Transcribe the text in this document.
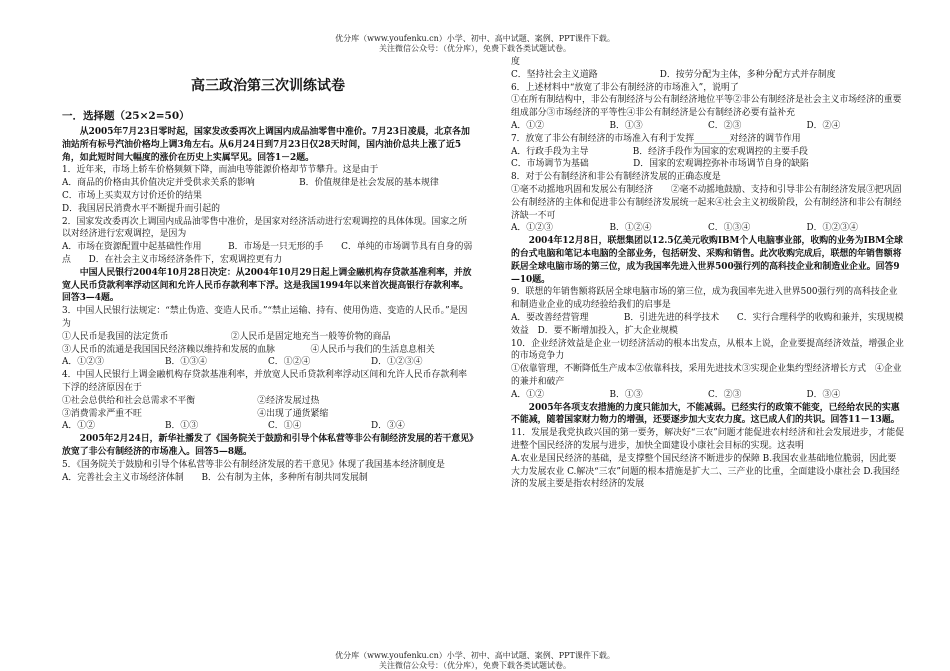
优分库（www.youfenku.cn）小学、初中、高中试题、案例、PPT课件下载。
关注微信公众号：（优分库），免费下载各类试题试卷。
高三政治第三次训练试卷
一．选择题（25×2=50）

从2005年7月23日零时起，国家发改委再次上调国内成品油零售中准价。7月23日凌晨，北京各加油站所有标号汽油价格均上调3角左右。从6月24日到7月23日仅28天时间，国内油价总共上涨了近5角，如此短时间大幅度的涨价在历史上实属罕见。回答1－2题。

1．近年来，市场上轿车价格频频下降，而油电等能源价格却节节攀升。这是由于

A．商品的价格由其价值决定并受供求关系的影响　　　　　B．价值规律是社会发展的基本规律　　　　C．市场上买卖双方讨价还价的结果

D．我国居民消费水平不断提升而引起的

2．国家发改委再次上调国内成品油零售中准价，是国家对经济活动进行宏观调控的具体体现。国家之所以对经济进行宏观调控，是因为

A．市场在资源配置中起基础性作用　　　B．市场是一只无形的手　　C．单纯的市场调节具有自身的弱点　　D．在社会主义市场经济条件下，宏观调控更有力

中国人民银行2004年10月28日决定：从2004年10月29日起上调金融机构存贷款基准利率，并放宽人民币贷款利率浮动区间和允许人民币存款利率下浮。这是我国1994年以来首次提高银行存款利率。回答3—4题。

3．中国人民银行法规定：“禁止伪造、变造人民币。”“禁止运输、持有、使用伪造、变造的人民币。”是因为

①人民币是我国的法定货币　　　　　　　②人民币是固定地充当一般等价物的商品

③人民币的流通是我国国民经济赖以维持和发展的血脉　　　　④人民币与我们的生活息息相关

A．①②③	B．①③④	C．①②④	D．①②③④

4．中国人民银行上调金融机构存贷款基准利率，并放宽人民币贷款利率浮动区间和允许人民币存款利率下浮的经济原因在于

①社会总供给和社会总需求不平衡　　　　　　　②经济发展过热

③消费需求严重不旺　　　　　　　　　　　　　④出现了通货紧缩

A．①②	B．①③	C．①④	D．③④

2005年2月24日，新华社播发了《国务院关于鼓励和引导个体私营等非公有制经济发展的若干意见》放宽了非公有制经济的市场准入。回答5—8题。

5．《国务院关于鼓励和引导个体私营等非公有制经济发展的若干意见》体现了我国基本经济制度是

A．完善社会主义市场经济体制　　B．公有制为主体，多种所有制共同发展制

度

C．坚持社会主义道路　　　　　　　D．按劳分配为主体，多种分配方式并存制度

6．上述材料中“放宽了非公有制经济的市场准入”，说明了

①在所有制结构中，非公有制经济与公有制经济地位平等②非公有制经济是社会主义市场经济的重要组成部分③市场经济的平等性④非公有制经济是公有制经济必要有益补充

A．①②	B．①③	C．②③	D．②④

7．放宽了非公有制经济的市场准入有利于发挥________对经济的调节作用

A．行政手段为主导　　　　　B．经济手段作为国家的宏观调控的主要手段

C．市场调节为基础　　　　　D．国家的宏观调控弥补市场调节自身的缺陷

8．对于公有制经济和非公有制经济发展的正确态度是

①毫不动摇地巩固和发展公有制经济　　②毫不动摇地鼓励、支持和引导非公有制经济发展③把巩固公有制经济的主体和促进非公有制经济发展统一起来④社会主义初级阶段，公有制经济和非公有制经济缺一不可

A．①②③	B．①②④	C．①③④	D．①②③④

2004年12月8日，联想集团以12.5亿美元收购IBM个人电脑事业部，收购的业务为IBM全球的台式电脑和笔记本电脑的全部业务，包括研发、采购和销售。此次收购完成后，联想的年销售额将跃居全球电脑市场的第三位，成为我国率先进入世界500强行列的高科技企业和制造业企业。回答9—10题。

9．联想的年销售额将跃居全球电脑市场的第三位，成为我国率先进入世界500强行列的高科技企业和制造业企业的成功经验给我们的启事是

A．要改善经营管理　　　　B．引进先进的科学技术　　C．实行合理科学的收购和兼并，实现规模效益　D．要不断增加投入，扩大企业规模

10．企业经济效益是企业一切经济活动的根本出发点，从根本上说，企业要提高经济效益，增强企业的市场竞争力

①依靠管理，不断降低生产成本②依靠科技，采用先进技术③实现企业集约型经济增长方式　④企业的兼并和破产

A．①②	B．①③	C．②③	D．③④

2005年各项支农措施的力度只能加大，不能减弱。已经实行的政策不能变，已经给农民的实惠不能减，随着国家财力物力的增强，还要逐步加大支农力度。这已成人们的共识。回答11－13题。

11．发展是我党执政兴国的第一要务，解决好“三农”问题才能促进农村经济和社会发展进步，才能促进整个国民经济的发展与进步，加快全面建设小康社会目标的实现。这表明

A.农业是国民经济的基础，是支撑整个国民经济不断进步的保障 B.我国农业基础地位脆弱，因此要大力发展农业 C.解决“三农”问题的根本措施是扩大二、三产业的比重，全面建设小康社会 D.我国经济的发展主要是指农村经济的发展

优分库（www.youfenku.cn）小学、初中、高中试题、案例、PPT课件下载。
关注微信公众号：（优分库），免费下载各类试题试卷。
